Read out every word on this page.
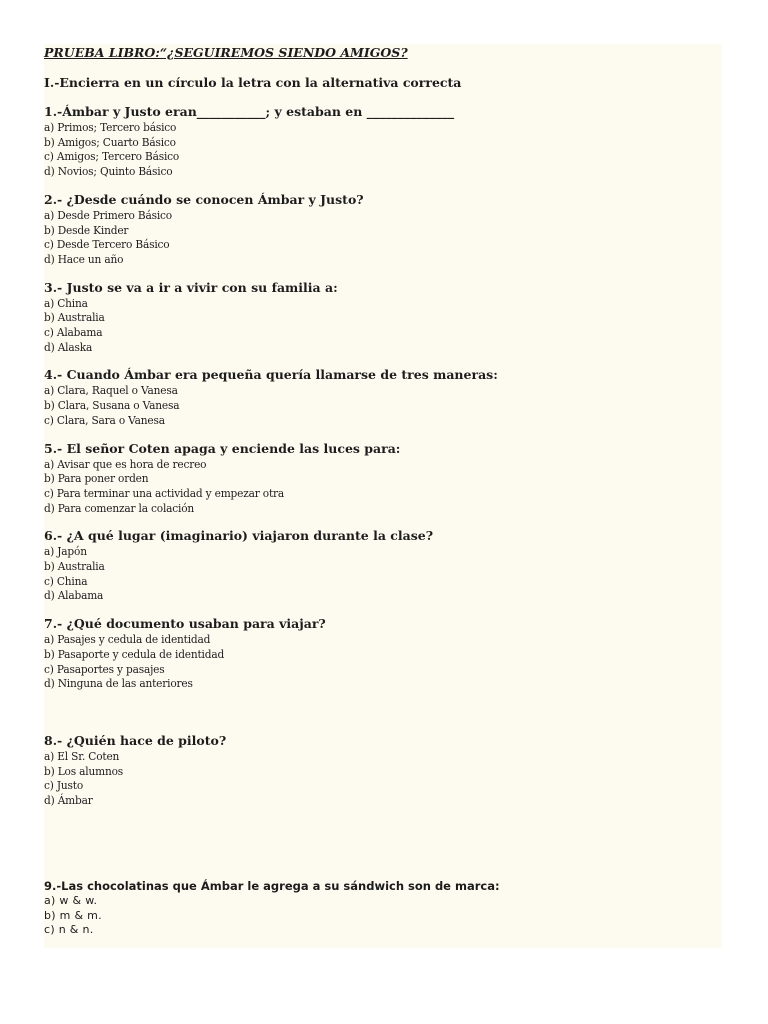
PRUEBA LIBRO:“¿SEGUIREMOS SIENDO AMIGOS?

I.-Encierra en un círculo la letra con la alternativa correcta

1.-Ámbar y Justo eran___________; y estaban en ______________

a) Primos; Tercero básico
b) Amigos; Cuarto Básico
c) Amigos; Tercero Básico
d) Novios; Quinto Básico

2.- ¿Desde cuándo se conocen Ámbar y Justo?

a) Desde Primero Básico
b) Desde Kinder
c) Desde Tercero Básico
d) Hace un año

3.- Justo se va a ir a vivir con su familia a:

a) China
b) Australia
c) Alabama
d) Alaska

4.- Cuando Ámbar era pequeña quería llamarse de tres maneras:

a) Clara, Raquel o Vanesa
b) Clara, Susana o Vanesa
c) Clara, Sara o Vanesa

5.- El señor Coten apaga y enciende las luces para:

a) Avisar que es hora de recreo
b) Para poner orden
c) Para terminar una actividad y empezar otra
d) Para comenzar la colación

6.- ¿A qué lugar (imaginario) viajaron durante la clase?

a) Japón
b) Australia
c) China
d) Alabama

7.- ¿Qué documento usaban para viajar?

a) Pasajes y cedula de identidad
b) Pasaporte y cedula de identidad
c) Pasaportes y pasajes
d) Ninguna de las anteriores

8.- ¿Quién hace de piloto?

a) El Sr. Coten
b) Los alumnos
c) Justo
d) Ámbar

9.-Las chocolatinas que Ámbar le agrega a su sándwich son de marca:

a) w & w.
b) m & m.
c) n & n.
